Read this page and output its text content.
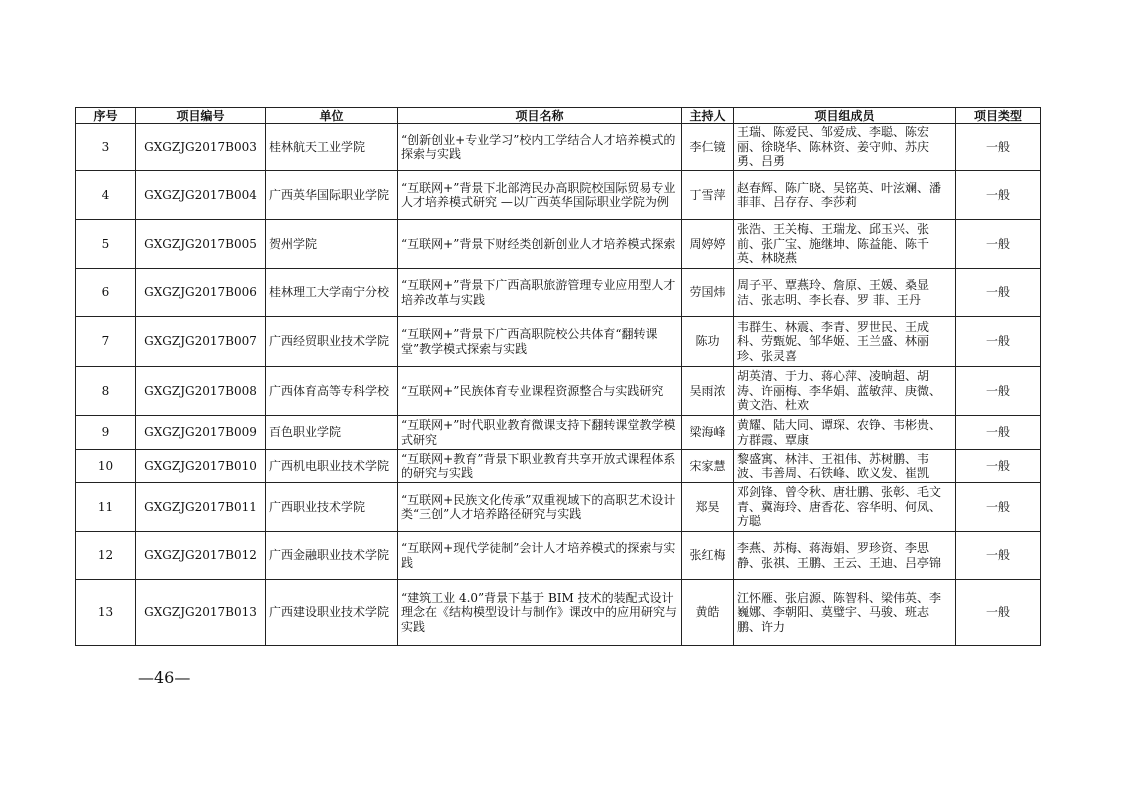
序号	项目编号	单位	项目名称	主持人	项目组成员	项目类型
3	GXGZJG2017B003	桂林航天工业学院	“创新创业+专业学习”校内工学结合人才培养模式的探索与实践	李仁镜	王瑞、陈爱民、邹爱成、李聪、陈宏丽、徐晓华、陈林资、姜守帅、苏庆勇、吕勇	一般
4	GXGZJG2017B004	广西英华国际职业学院	“互联网+”背景下北部湾民办高职院校国际贸易专业人才培养模式研究 —以广西英华国际职业学院为例	丁雪萍	赵春辉、陈广晓、吴铭英、叶泫斓、潘菲菲、吕存存、李莎莉	一般
5	GXGZJG2017B005	贺州学院	“互联网+”背景下财经类创新创业人才培养模式探索	周婷婷	张浩、王关梅、王瑞龙、邱玉兴、张前、张广宝、施继坤、陈益能、陈千英、林晓燕	一般
6	GXGZJG2017B006	桂林理工大学南宁分校	“互联网+”背景下广西高职旅游管理专业应用型人才培养改革与实践	劳国炜	周子平、覃燕玲、詹原、王媛、桑显洁、张志明、李长春、罗 菲、王丹	一般
7	GXGZJG2017B007	广西经贸职业技术学院	“互联网+”背景下广西高职院校公共体育“翻转课堂”教学模式探索与实践	陈功	韦群生、林震、李青、罗世民、王成科、劳甄妮、邹华姬、王兰盛、林丽珍、张灵喜	一般
8	GXGZJG2017B008	广西体育高等专科学校	“互联网+”民族体育专业课程资源整合与实践研究	吴雨浓	胡英清、于力、蒋心萍、凌晌超、胡涛、许丽梅、李华娟、蓝敏萍、庚微、黄文浩、杜欢	一般
9	GXGZJG2017B009	百色职业学院	“互联网+”时代职业教育微课支持下翻转课堂教学模式研究	梁海峰	黄耀、陆大同、谭琛、农铮、韦彬贵、方群霞、覃康	一般
10	GXGZJG2017B010	广西机电职业技术学院	“互联网+教育”背景下职业教育共享开放式课程体系的研究与实践	宋家慧	黎盛寓、林沣、王祖伟、苏树鹏、韦波、韦善周、石铁峰、欧义发、崔凯	一般
11	GXGZJG2017B011	广西职业技术学院	“互联网+民族文化传承”双重视域下的高职艺术设计类“三创”人才培养路径研究与实践	郑昊	邓剑锋、曾令秋、唐壮鹏、张彰、毛文青、冀海玲、唐香花、容华明、何凤、方聪	一般
12	GXGZJG2017B012	广西金融职业技术学院	“互联网+现代学徒制”会计人才培养模式的探索与实践	张红梅	李燕、苏梅、蒋海娟、罗珍资、李思静、张祺、王鹏、王云、王迪、吕亭锦	一般
13	GXGZJG2017B013	广西建设职业技术学院	“建筑工业 4.0”背景下基于 BIM 技术的装配式设计理念在《结构模型设计与制作》课改中的应用研究与实践	黄皓	江怀雁、张启源、陈智科、梁伟英、李巍娜、李朝阳、莫璧宇、马骏、班志鹏、许力	一般
—46—
